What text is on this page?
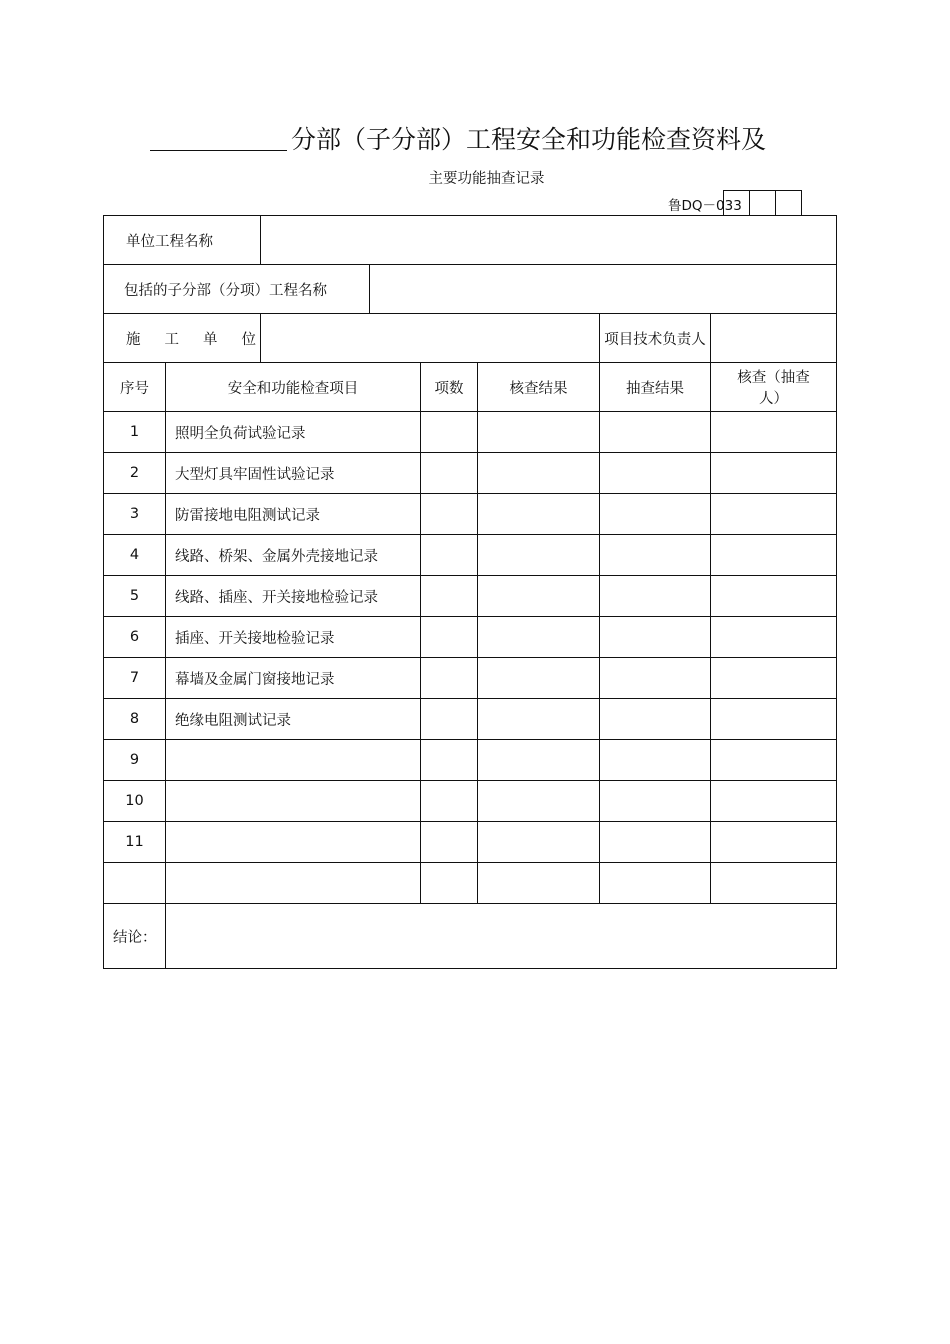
分部（子分部）工程安全和功能检查资料及
主要功能抽查记录
鲁DQ－033
单位工程名称							
包括的子分部（分项）工程名称							
施 工 单 位						项目技术负责人	
序号	安全和功能检查项目			项数	核查结果	抽查结果	核查（抽查人）
1	照明全负荷试验记录						
2	大型灯具牢固性试验记录						
3	防雷接地电阻测试记录						
4	线路、桥架、金属外壳接地记录						
5	线路、插座、开关接地检验记录						
6	插座、开关接地检验记录						
7	幕墙及金属门窗接地记录						
8	绝缘电阻测试记录						
9							
10							
11							

结论：							
